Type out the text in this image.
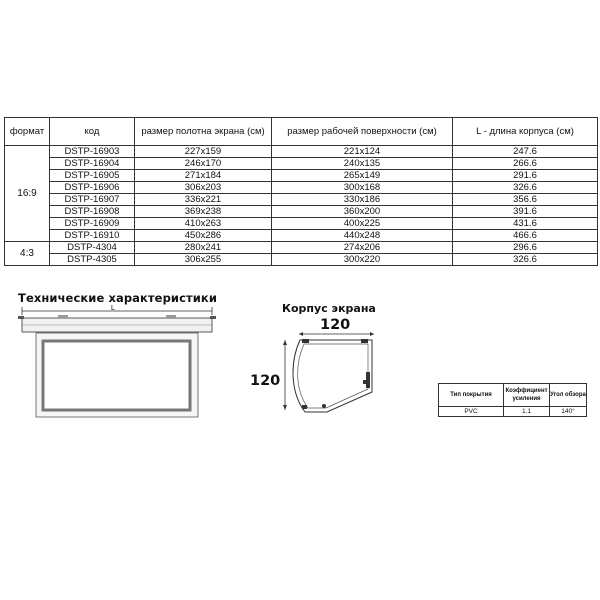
формат	код	размер полотна экрана (см)	размер рабочей поверхности (см)	L - длина корпуса (см)
16:9	DSTP-16903	227x159	221x124	247.6
	DSTP-16904	246x170	240x135	266.6
	DSTP-16905	271x184	265x149	291.6
	DSTP-16906	306x203	300x168	326.6
	DSTP-16907	336x221	330x186	356.6
	DSTP-16908	369x238	360x200	391.6
	DSTP-16909	410x263	400x225	431.6
	DSTP-16910	450x286	440x248	466.6
4:3	DSTP-4304	280x241	274x206	296.6
	DSTP-4305	306x255	300x220	326.6
Технические характеристики
L	Корпус экрана
120
120
Тип покрытия	Коэффициент усиления	Угол обзора
PVC	1.1	140°
